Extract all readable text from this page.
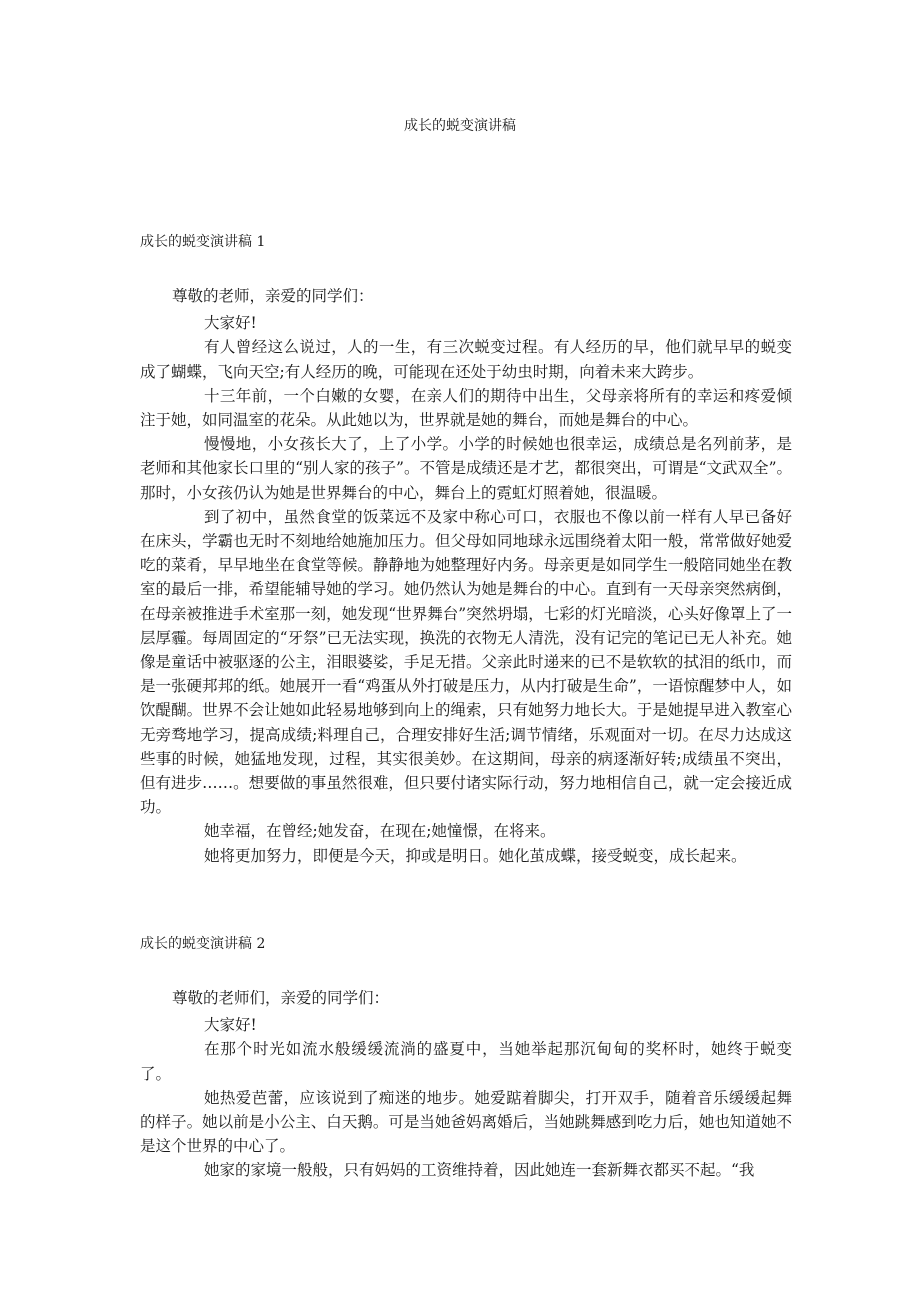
成长的蜕变演讲稿
成长的蜕变演讲稿 1

尊敬的老师，亲爱的同学们：

大家好!

有人曾经这么说过，人的一生，有三次蜕变过程。有人经历的早，他们就早早的蜕变成了蝴蝶，飞向天空;有人经历的晚，可能现在还处于幼虫时期，向着未来大跨步。

十三年前，一个白嫩的女婴，在亲人们的期待中出生，父母亲将所有的幸运和疼爱倾注于她，如同温室的花朵。从此她以为，世界就是她的舞台，而她是舞台的中心。

慢慢地，小女孩长大了，上了小学。小学的时候她也很幸运，成绩总是名列前茅，是老师和其他家长口里的“别人家的孩子”。不管是成绩还是才艺，都很突出，可谓是“文武双全”。那时，小女孩仍认为她是世界舞台的中心，舞台上的霓虹灯照着她，很温暖。

到了初中，虽然食堂的饭菜远不及家中称心可口，衣服也不像以前一样有人早已备好在床头，学霸也无时不刻地给她施加压力。但父母如同地球永远围绕着太阳一般，常常做好她爱吃的菜肴，早早地坐在食堂等候。静静地为她整理好内务。母亲更是如同学生一般陪同她坐在教室的最后一排，希望能辅导她的学习。她仍然认为她是舞台的中心。直到有一天母亲突然病倒，在母亲被推进手术室那一刻，她发现“世界舞台”突然坍塌，七彩的灯光暗淡，心头好像罩上了一层厚霾。每周固定的“牙祭”已无法实现，换洗的衣物无人清洗，没有记完的笔记已无人补充。她像是童话中被驱逐的公主，泪眼婆娑，手足无措。父亲此时递来的已不是软软的拭泪的纸巾，而是一张硬邦邦的纸。她展开一看“鸡蛋从外打破是压力，从内打破是生命”，一语惊醒梦中人，如饮醍醐。世界不会让她如此轻易地够到向上的绳索，只有她努力地长大。于是她提早进入教室心无旁骛地学习，提高成绩;料理自己，合理安排好生活;调节情绪，乐观面对一切。在尽力达成这些事的时候，她猛地发现，过程，其实很美妙。在这期间，母亲的病逐渐好转;成绩虽不突出，但有进步……。想要做的事虽然很难，但只要付诸实际行动，努力地相信自己，就一定会接近成功。

她幸福，在曾经;她发奋，在现在;她憧憬，在将来。

她将更加努力，即便是今天，抑或是明日。她化茧成蝶，接受蜕变，成长起来。

成长的蜕变演讲稿 2

尊敬的老师们，亲爱的同学们：

大家好!

在那个时光如流水般缓缓流淌的盛夏中，当她举起那沉甸甸的奖杯时，她终于蜕变了。

她热爱芭蕾，应该说到了痴迷的地步。她爱踮着脚尖，打开双手，随着音乐缓缓起舞的样子。她以前是小公主、白天鹅。可是当她爸妈离婚后，当她跳舞感到吃力后，她也知道她不是这个世界的中心了。

她家的家境一般般，只有妈妈的工资维持着，因此她连一套新舞衣都买不起。“我
